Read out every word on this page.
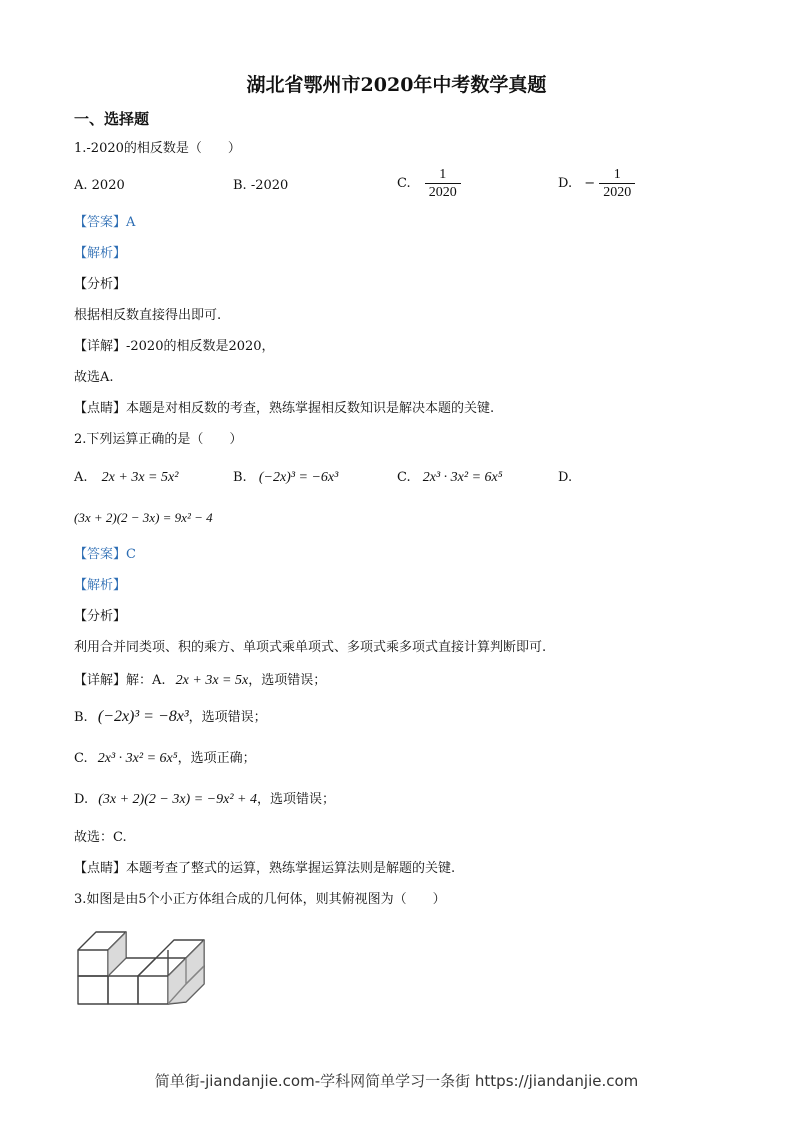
湖北省鄂州市2020年中考数学真题
一、选择题
1.-2020的相反数是（　　）
A. 2020	B. -2020	C. $\frac{1}{2020}$	D. − $\frac{1}{2020}$
【答案】A
【解析】
【分析】
根据相反数直接得出即可.
【详解】-2020的相反数是2020，
故选A.
【点睛】本题是对相反数的考查，熟练掌握相反数知识是解决本题的关键.
2.下列运算正确的是（　　）
A. 2x + 3x = 5x²	B. (−2x)³ = −6x³	C. 2x³ · 3x² = 6x⁵	D.
(3x + 2)(2 − 3x) = 9x² − 4
【答案】C
【解析】
【分析】
利用合并同类项、积的乘方、单项式乘单项式、多项式乘多项式直接计算判断即可.
【详解】解：A. 2x + 3x = 5x，选项错误；
B. (−2x)³ = −8x³，选项错误；
C. 2x³ · 3x² = 6x⁵，选项正确；
D. (3x + 2)(2 − 3x) = −9x² + 4，选项错误；
故选：C.
【点睛】本题考查了整式的运算，熟练掌握运算法则是解题的关键.
3.如图是由5个小正方体组合成的几何体，则其俯视图为（　　）
简单街-jiandanjie.com-学科网简单学习一条街 https://jiandanjie.com
